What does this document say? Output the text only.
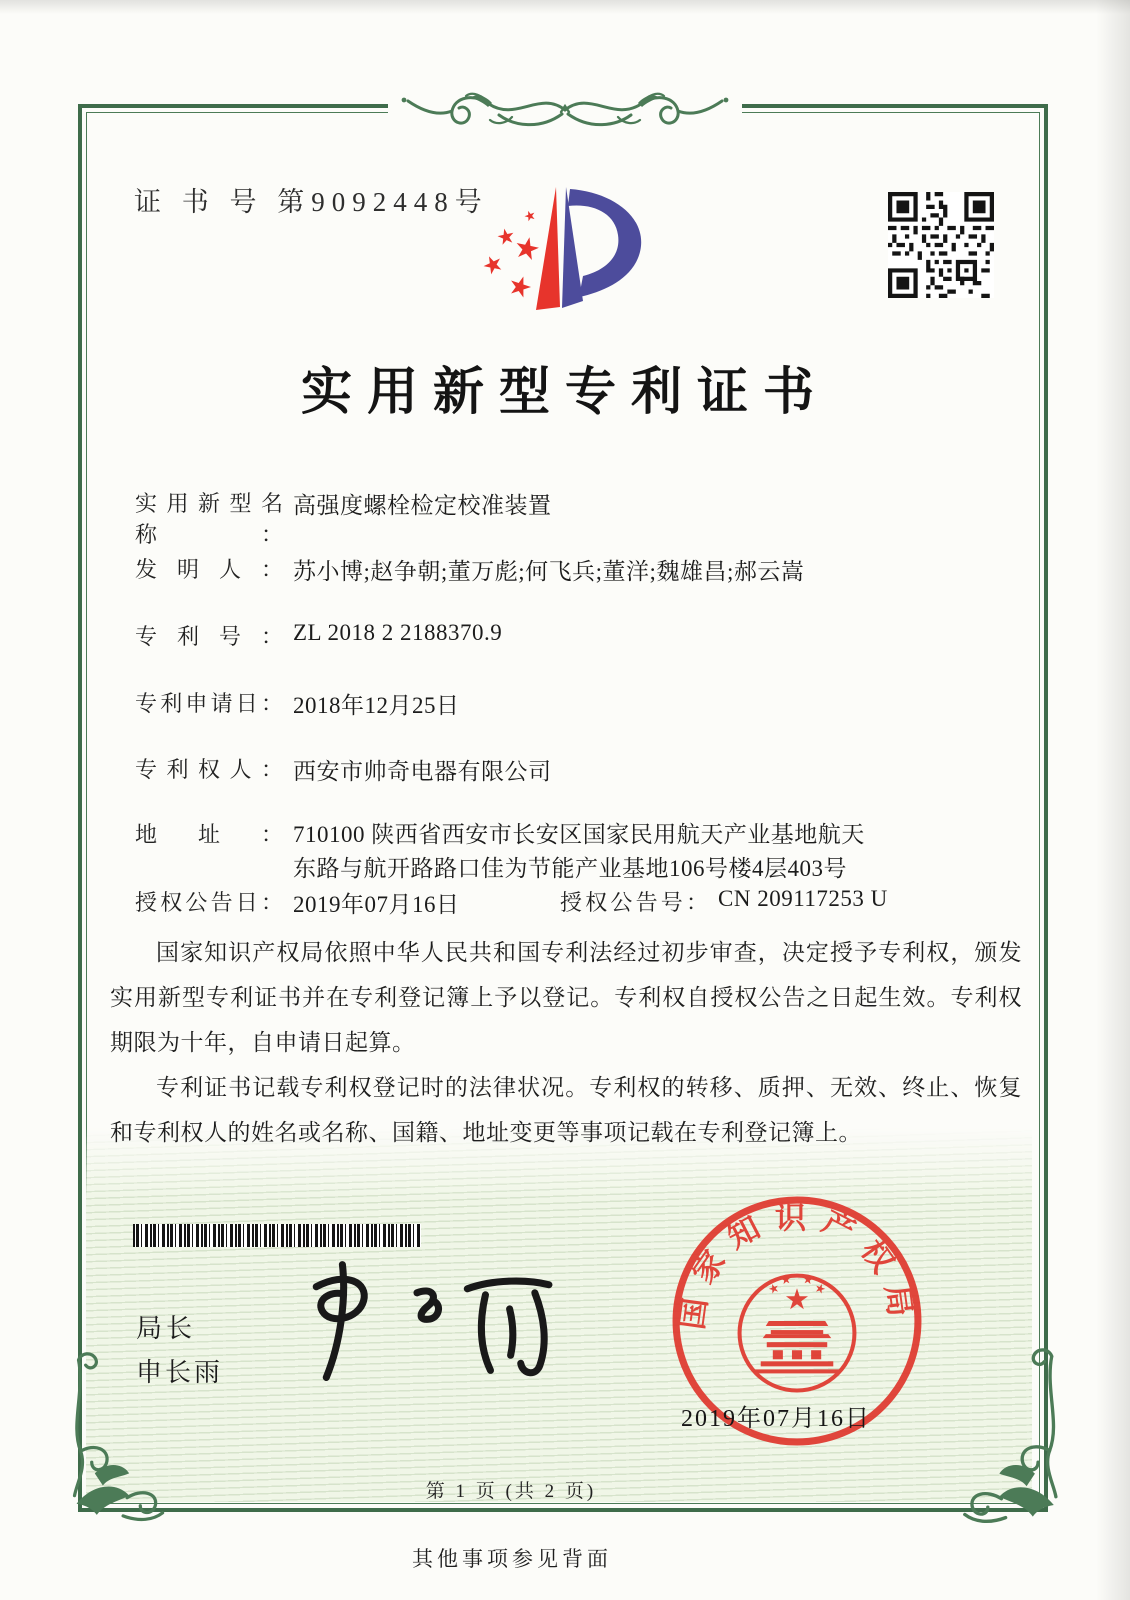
证 书 号 第9092448号
实用新型专利证书
实用新型名称：
高强度螺栓检定校准装置
发明人： 苏小博;赵争朝;董万彪;何飞兵;董洋;魏雄昌;郝云嵩
专利号： ZL 2018 2 2188370.9
专利申请日： 2018年12月25日
专利权人： 西安市帅奇电器有限公司
地址： 710100 陕西省西安市长安区国家民用航天产业基地航天东路与航开路路口佳为节能产业基地106号楼4层403号
授权公告日： 2019年07月16日	授权公告号： CN 209117253 U

国家知识产权局依照中华人民共和国专利法经过初步审查，决定授予专利权，颁发实用新型专利证书并在专利登记簿上予以登记。专利权自授权公告之日起生效。专利权期限为十年，自申请日起算。

专利证书记载专利权登记时的法律状况。专利权的转移、质押、无效、终止、恢复和专利权人的姓名或名称、国籍、地址变更等事项记载在专利登记簿上。

局长
申长雨
国家知识产权局
2019年07月16日
第 1 页 (共 2 页)
其他事项参见背面
